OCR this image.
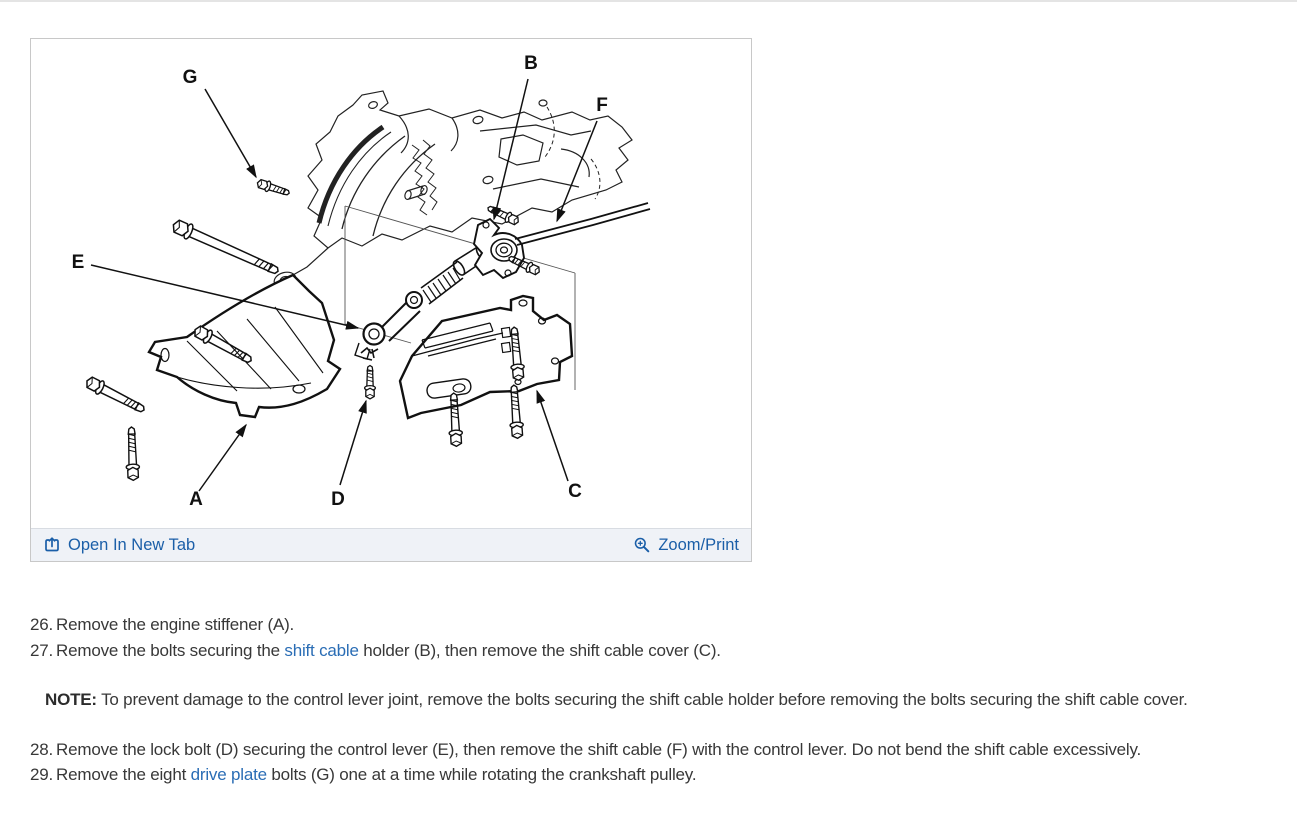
G
B
F
E
A	D	C
Open In New Tab	Zoom/Print
26. Remove the engine stiffener (A).
27. Remove the bolts securing the shift cable holder (B), then remove the shift cable cover (C).
NOTE: To prevent damage to the control lever joint, remove the bolts securing the shift cable holder before removing the bolts securing the shift cable cover.
28. Remove the lock bolt (D) securing the control lever (E), then remove the shift cable (F) with the control lever. Do not bend the shift cable excessively.
29. Remove the eight drive plate bolts (G) one at a time while rotating the crankshaft pulley.
